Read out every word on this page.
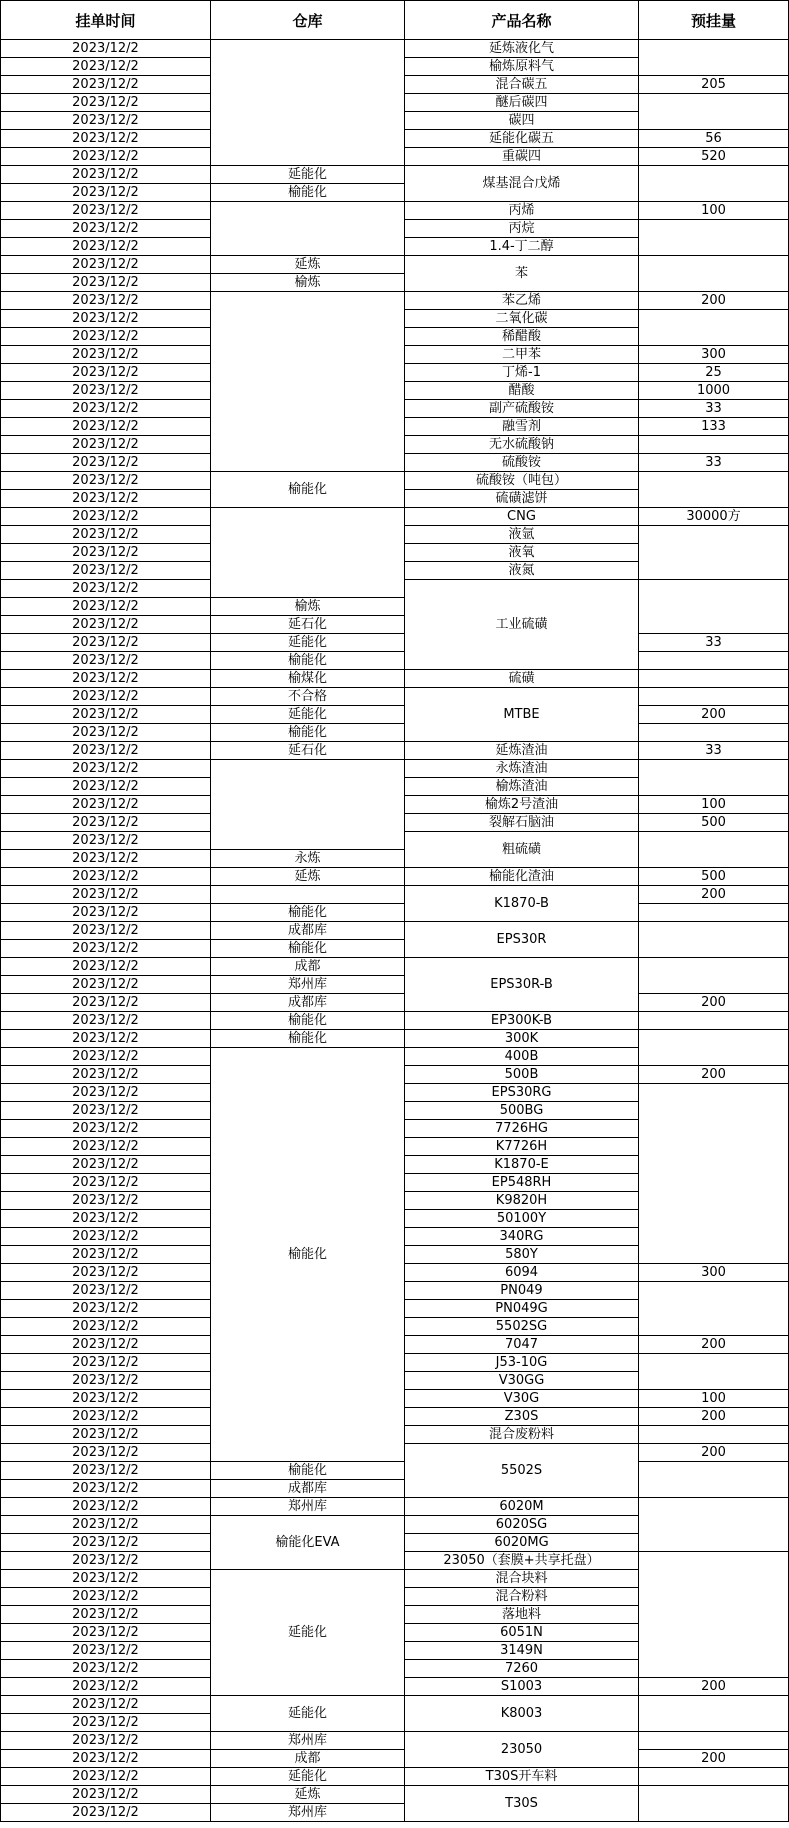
挂单时间	仓库	产品名称	预挂量
2023/12/2		延炼液化气	
2023/12/2		榆炼原料气	
2023/12/2		混合碳五	205
2023/12/2		醚后碳四	
2023/12/2		碳四	
2023/12/2		延能化碳五	56
2023/12/2		重碳四	520
2023/12/2	延能化	煤基混合戊烯	
2023/12/2	榆能化		
2023/12/2		丙烯	100
2023/12/2		丙烷	
2023/12/2		1.4-丁二醇	
2023/12/2	延炼	苯	
2023/12/2	榆炼		
2023/12/2		苯乙烯	200
2023/12/2		二氧化碳	
2023/12/2		稀醋酸	
2023/12/2		二甲苯	300
2023/12/2		丁烯-1	25
2023/12/2		醋酸	1000
2023/12/2		副产硫酸铵	33
2023/12/2		融雪剂	133
2023/12/2		无水硫酸钠	
2023/12/2		硫酸铵	33
2023/12/2	榆能化	硫酸铵（吨包）	
2023/12/2		硫磺滤饼	
2023/12/2		CNG	30000方
2023/12/2		液氩	
2023/12/2		液氧	
2023/12/2		液氮	
2023/12/2		工业硫磺	
2023/12/2	榆炼		
2023/12/2	延石化		
2023/12/2	延能化		33
2023/12/2	榆能化		
2023/12/2	榆煤化	硫磺	
2023/12/2	不合格	MTBE	
2023/12/2	延能化		200
2023/12/2	榆能化		
2023/12/2	延石化	延炼渣油	33
2023/12/2		永炼渣油	
2023/12/2		榆炼渣油	
2023/12/2		榆炼2号渣油	100
2023/12/2		裂解石脑油	500
2023/12/2		粗硫磺	
2023/12/2	永炼		
2023/12/2	延炼	榆能化渣油	500
2023/12/2		K1870-B	200
2023/12/2	榆能化		
2023/12/2	成都库	EPS30R	
2023/12/2	榆能化		
2023/12/2	成都	EPS30R-B	
2023/12/2	郑州库		
2023/12/2	成都库		200
2023/12/2	榆能化	EP300K-B	
2023/12/2	榆能化	300K	
2023/12/2	榆能化	400B	
2023/12/2		500B	200
2023/12/2		EPS30RG	
2023/12/2		500BG	
2023/12/2		7726HG	
2023/12/2		K7726H	
2023/12/2		K1870-E	
2023/12/2		EP548RH	
2023/12/2		K9820H	
2023/12/2		50100Y	
2023/12/2		340RG	
2023/12/2		580Y	
2023/12/2		6094	300
2023/12/2		PN049	
2023/12/2		PN049G	
2023/12/2		5502SG	
2023/12/2		7047	200
2023/12/2		J53-10G	
2023/12/2		V30GG	
2023/12/2		V30G	100
2023/12/2		Z30S	200
2023/12/2		混合废粉料	
2023/12/2		5502S	200
2023/12/2	榆能化		
2023/12/2	成都库		
2023/12/2	郑州库	6020M	
2023/12/2	榆能化EVA	6020SG	
2023/12/2		6020MG	
2023/12/2		23050（套膜+共享托盘）	
2023/12/2	延能化	混合块料	
2023/12/2		混合粉料	
2023/12/2		落地料	
2023/12/2		6051N	
2023/12/2		3149N	
2023/12/2		7260	
2023/12/2		S1003	200
2023/12/2	延能化	K8003	
2023/12/2			
2023/12/2	郑州库	23050	
2023/12/2	成都		200
2023/12/2	延能化	T30S开车料	
2023/12/2	延炼	T30S	
2023/12/2	郑州库		
